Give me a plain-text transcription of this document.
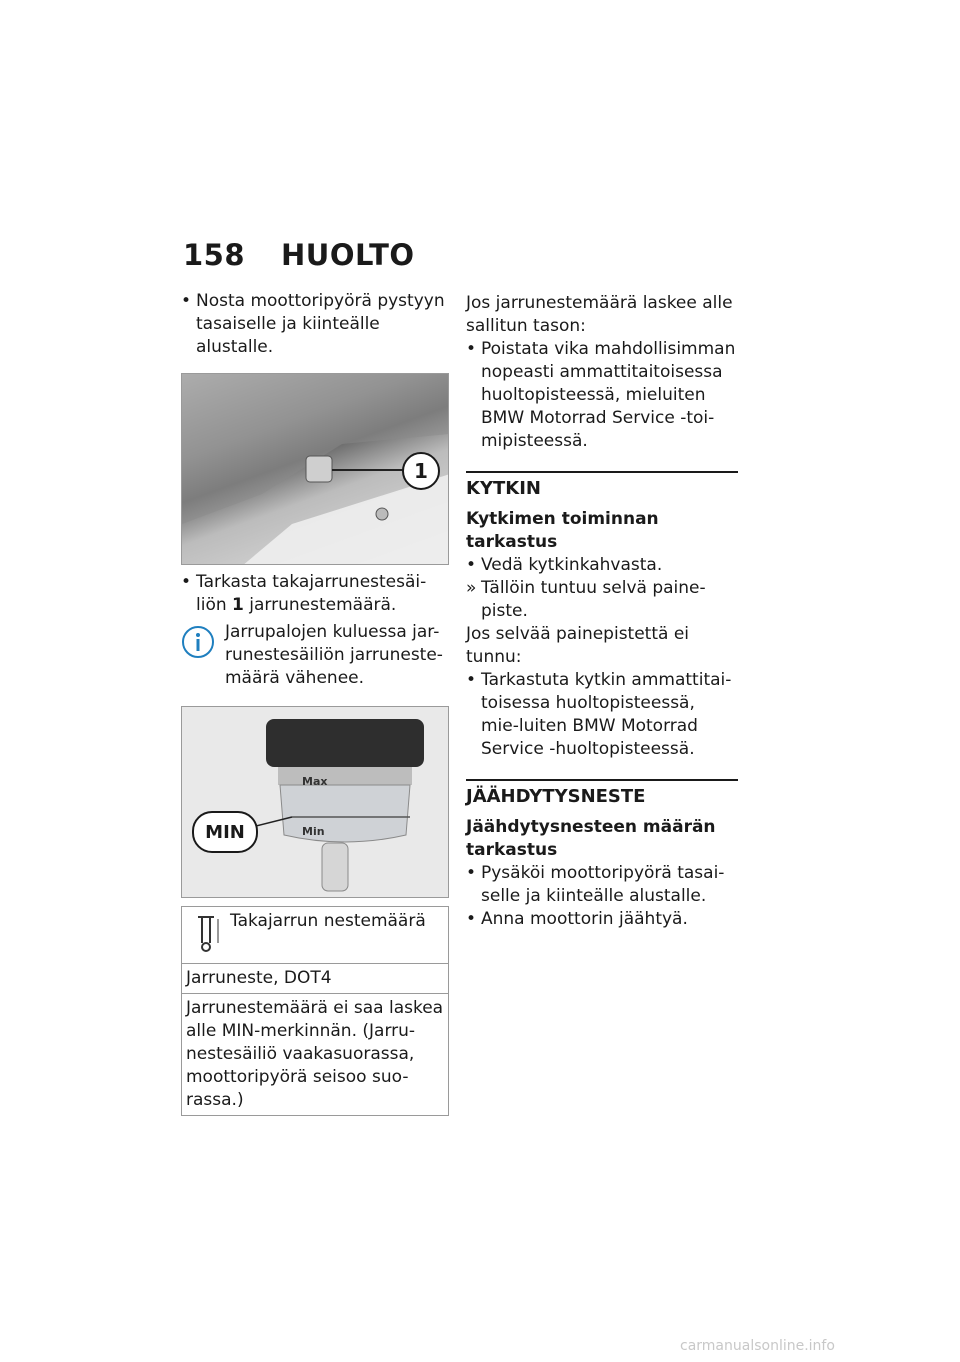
158 HUOLTO
• Nosta moottoripyörä pystyyn tasaiselle ja kiinteälle alustalle.
1
• Tarkasta takajarrunestesäi-liön 1 jarrunestemäärä.
Jarrupalojen kuluessa jar-runestesäiliön jarruneste-määrä vähenee.
Max
Min
MIN
Takajarrun nestemäärä
Jarruneste, DOT4
Jarrunestemäärä ei saa laskea alle MIN-merkinnän. (Jarru-nestesäiliö vaakasuorassa, moottoripyörä seisoo suo-rassa.)

Jos jarrunestemäärä laskee alle sallitun tason:

• Poistata vika mahdollisimman nopeasti ammattitaitoisessa huoltopisteessä, mieluiten BMW Motorrad Service -toi-mipisteessä.
KYTKIN
Kytkimen toiminnan tarkastus
• Vedä kytkinkahvasta.
» Tällöin tuntuu selvä paine-piste.

Jos selvää painepistettä ei tunnu:

• Tarkastuta kytkin ammattitai-toisessa huoltopisteessä, mie-luiten BMW Motorrad Service -huoltopisteessä.
JÄÄHDYTYSNESTE
Jäähdytysnesteen määrän tarkastus
• Pysäköi moottoripyörä tasai-selle ja kiinteälle alustalle.
• Anna moottorin jäähtyä.
carmanualsonline.info
